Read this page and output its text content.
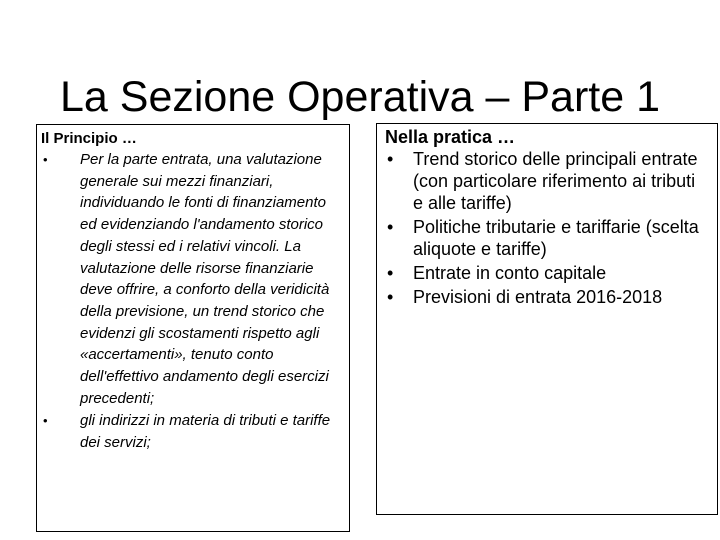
La Sezione Operativa – Parte 1

Il Principio …

• Per la parte entrata, una valutazione generale sui mezzi finanziari, individuando le fonti di finanziamento ed evidenziando l'andamento storico degli stessi ed i relativi vincoli. La valutazione delle risorse finanziarie deve offrire, a conforto della veridicità della previsione, un trend storico che evidenzi gli scostamenti rispetto agli «accertamenti», tenuto conto dell'effettivo andamento degli esercizi precedenti;
• gli indirizzi in materia di tributi e tariffe dei servizi;

Nella pratica …

• Trend storico delle principali entrate (con particolare riferimento ai tributi e alle tariffe)
• Politiche tributarie e tariffarie (scelta aliquote e tariffe)
• Entrate in conto capitale
• Previsioni di entrata 2016-2018
